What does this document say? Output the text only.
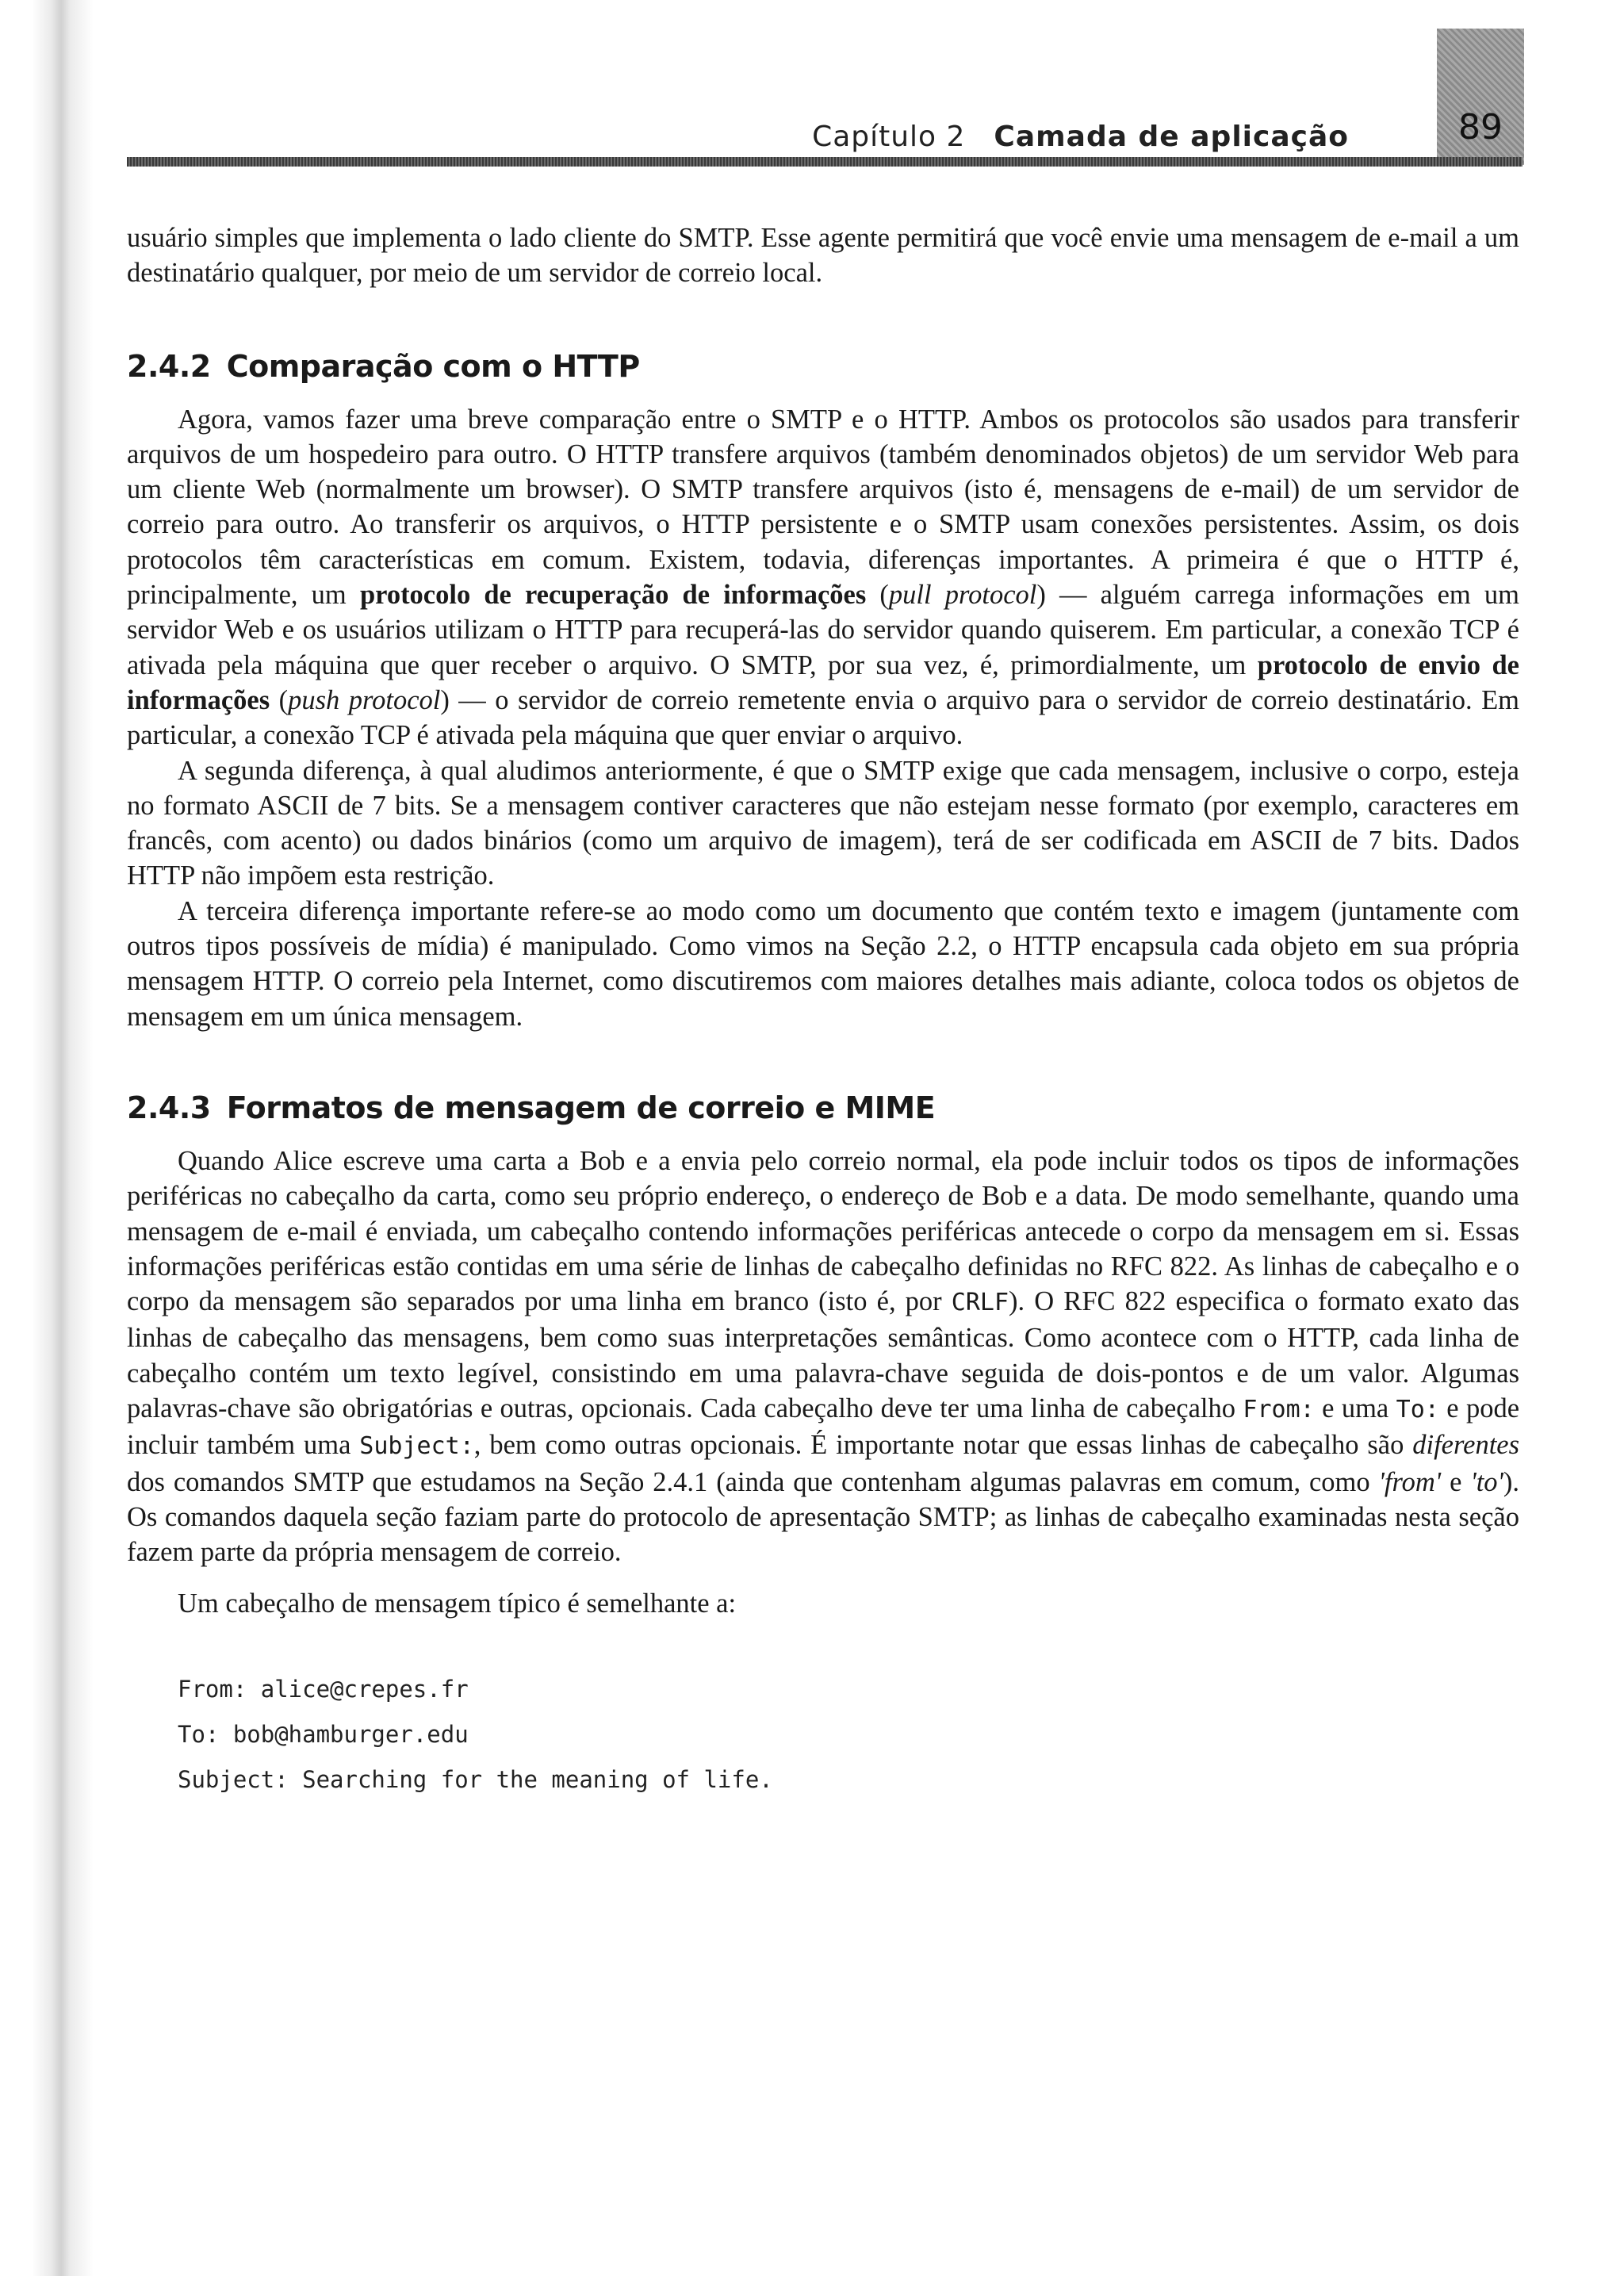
89
Capítulo 2 Camada de aplicação

usuário simples que implementa o lado cliente do SMTP. Esse agente permitirá que você envie uma mensagem de e-mail a um destinatário qualquer, por meio de um servidor de correio local.

2.4.2 Comparação com o HTTP

Agora, vamos fazer uma breve comparação entre o SMTP e o HTTP. Ambos os protocolos são usados para transferir arquivos de um hospedeiro para outro. O HTTP transfere arquivos (também denominados objetos) de um servidor Web para um cliente Web (normalmente um browser). O SMTP transfere arquivos (isto é, mensagens de e-mail) de um servidor de correio para outro. Ao transferir os arquivos, o HTTP persistente e o SMTP usam conexões persistentes. Assim, os dois protocolos têm características em comum. Existem, todavia, diferenças importantes. A primeira é que o HTTP é, principalmente, um protocolo de recuperação de informações (pull protocol) — alguém carrega informações em um servidor Web e os usuários utilizam o HTTP para recuperá-las do servidor quando quiserem. Em particular, a conexão TCP é ativada pela máquina que quer receber o arquivo. O SMTP, por sua vez, é, primordialmente, um protocolo de envio de informações (push protocol) — o servidor de correio remetente envia o arquivo para o servidor de correio destinatário. Em particular, a conexão TCP é ativada pela máquina que quer enviar o arquivo.

A segunda diferença, à qual aludimos anteriormente, é que o SMTP exige que cada mensagem, inclusive o corpo, esteja no formato ASCII de 7 bits. Se a mensagem contiver caracteres que não estejam nesse formato (por exemplo, caracteres em francês, com acento) ou dados binários (como um arquivo de imagem), terá de ser codificada em ASCII de 7 bits. Dados HTTP não impõem esta restrição.

A terceira diferença importante refere-se ao modo como um documento que contém texto e imagem (juntamente com outros tipos possíveis de mídia) é manipulado. Como vimos na Seção 2.2, o HTTP encapsula cada objeto em sua própria mensagem HTTP. O correio pela Internet, como discutiremos com maiores detalhes mais adiante, coloca todos os objetos de mensagem em um única mensagem.

2.4.3 Formatos de mensagem de correio e MIME

Quando Alice escreve uma carta a Bob e a envia pelo correio normal, ela pode incluir todos os tipos de informações periféricas no cabeçalho da carta, como seu próprio endereço, o endereço de Bob e a data. De modo semelhante, quando uma mensagem de e-mail é enviada, um cabeçalho contendo informações periféricas antecede o corpo da mensagem em si. Essas informações periféricas estão contidas em uma série de linhas de cabeçalho definidas no RFC 822. As linhas de cabeçalho e o corpo da mensagem são separados por uma linha em branco (isto é, por CRLF). O RFC 822 especifica o formato exato das linhas de cabeçalho das mensagens, bem como suas interpretações semânticas. Como acontece com o HTTP, cada linha de cabeçalho contém um texto legível, consistindo em uma palavra-chave seguida de dois-pontos e de um valor. Algumas palavras-chave são obrigatórias e outras, opcionais. Cada cabeçalho deve ter uma linha de cabeçalho From: e uma To: e pode incluir também uma Subject:, bem como outras opcionais. É importante notar que essas linhas de cabeçalho são diferentes dos comandos SMTP que estudamos na Seção 2.4.1 (ainda que contenham algumas palavras em comum, como 'from' e 'to'). Os comandos daquela seção faziam parte do protocolo de apresentação SMTP; as linhas de cabeçalho examinadas nesta seção fazem parte da própria mensagem de correio.

Um cabeçalho de mensagem típico é semelhante a:

From: alice@crepes.fr
To: bob@hamburger.edu
Subject: Searching for the meaning of life.
